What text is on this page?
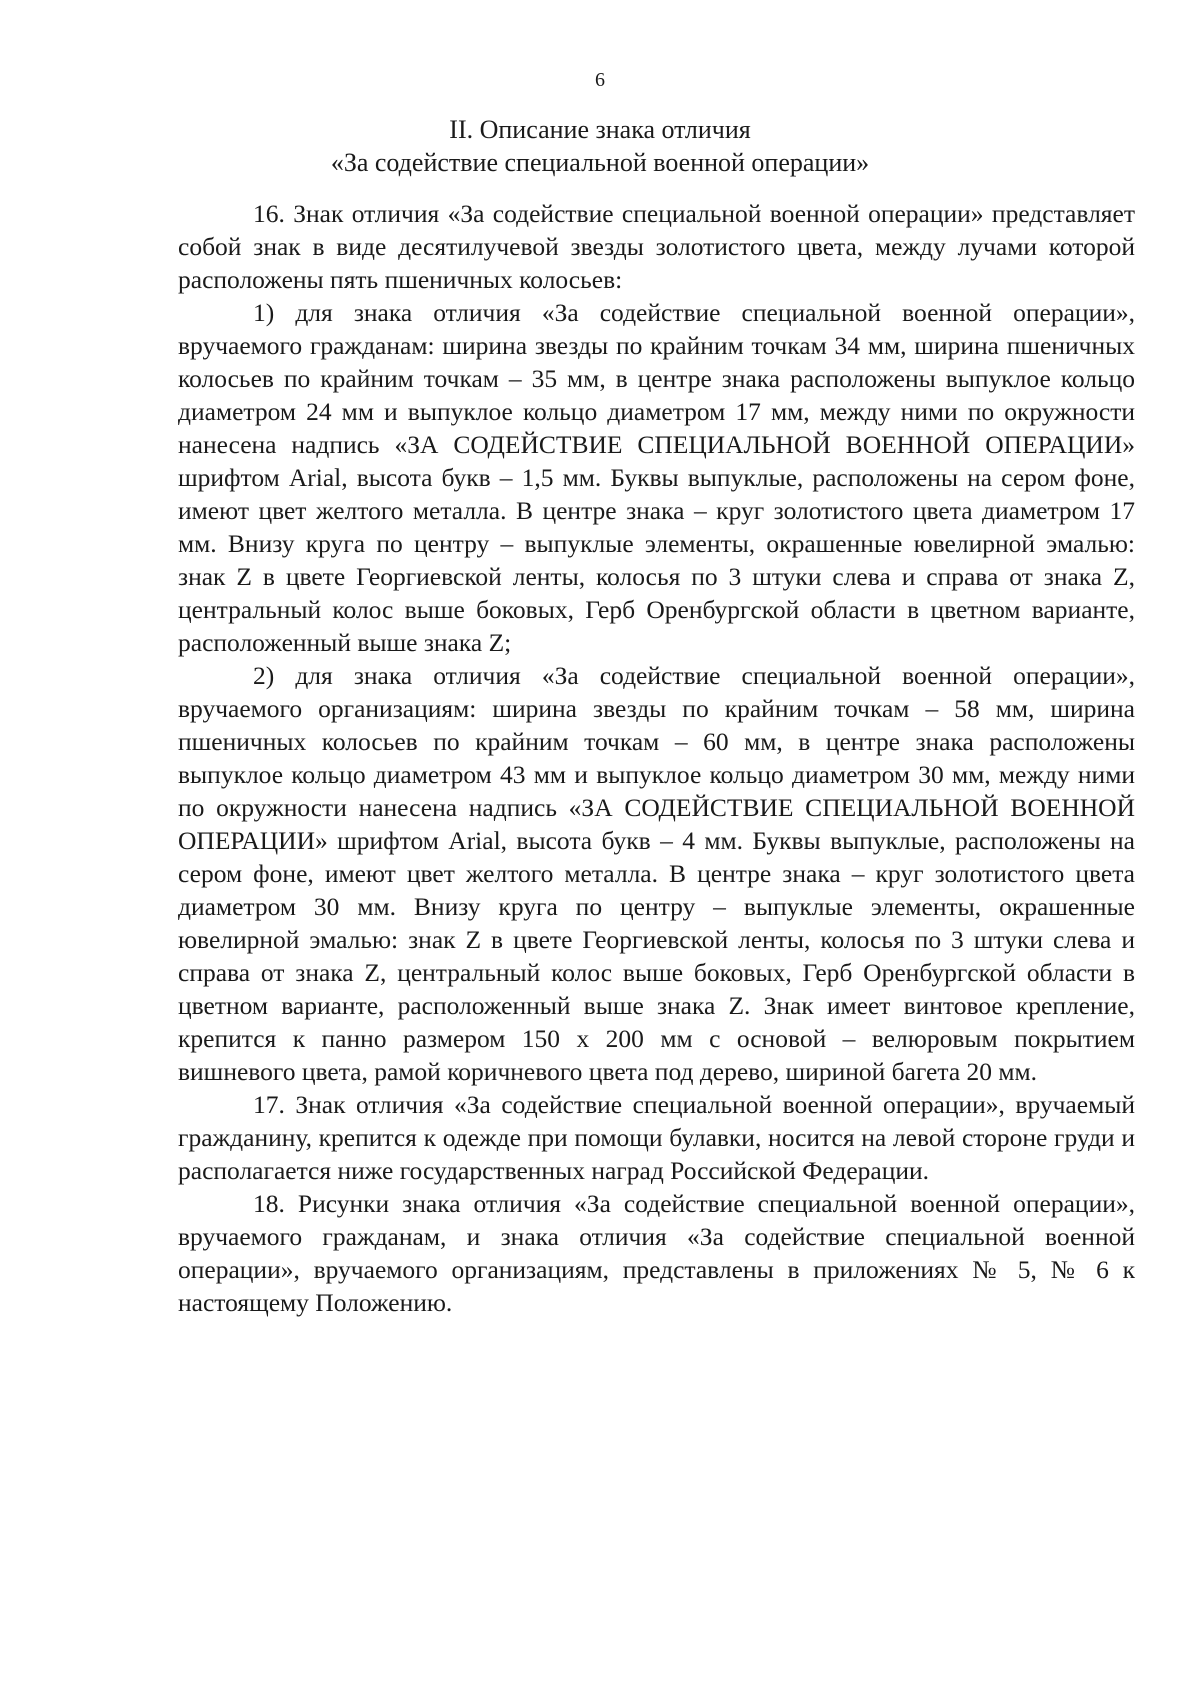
6
II. Описание знака отличия
«За содействие специальной военной операции»

16. Знак отличия «За содействие специальной военной операции» представляет собой знак в виде десятилучевой звезды золотистого цвета, между лучами которой расположены пять пшеничных колосьев:

1) для знака отличия «За содействие специальной военной операции», вручаемого гражданам: ширина звезды по крайним точкам 34 мм, ширина пшеничных колосьев по крайним точкам – 35 мм, в центре знака расположены выпуклое кольцо диаметром 24 мм и выпуклое кольцо диаметром 17 мм, между ними по окружности нанесена надпись «ЗА СОДЕЙСТВИЕ СПЕЦИАЛЬНОЙ ВОЕННОЙ ОПЕРАЦИИ» шрифтом Arial, высота букв – 1,5 мм. Буквы выпуклые, расположены на сером фоне, имеют цвет желтого металла. В центре знака – круг золотистого цвета диаметром 17 мм. Внизу круга по центру – выпуклые элементы, окрашенные ювелирной эмалью: знак Z в цвете Георгиевской ленты, колосья по 3 штуки слева и справа от знака Z, центральный колос выше боковых, Герб Оренбургской области в цветном варианте, расположенный выше знака Z;

2) для знака отличия «За содействие специальной военной операции», вручаемого организациям: ширина звезды по крайним точкам – 58 мм, ширина пшеничных колосьев по крайним точкам – 60 мм, в центре знака расположены выпуклое кольцо диаметром 43 мм и выпуклое кольцо диаметром 30 мм, между ними по окружности нанесена надпись «ЗА СОДЕЙСТВИЕ СПЕЦИАЛЬНОЙ ВОЕННОЙ ОПЕРАЦИИ» шрифтом Arial, высота букв – 4 мм. Буквы выпуклые, расположены на сером фоне, имеют цвет желтого металла. В центре знака – круг золотистого цвета диаметром 30 мм. Внизу круга по центру – выпуклые элементы, окрашенные ювелирной эмалью: знак Z в цвете Георгиевской ленты, колосья по 3 штуки слева и справа от знака Z, центральный колос выше боковых, Герб Оренбургской области в цветном варианте, расположенный выше знака Z. Знак имеет винтовое крепление, крепится к панно размером 150 х 200 мм с основой – велюровым покрытием вишневого цвета, рамой коричневого цвета под дерево, шириной багета 20 мм.

17. Знак отличия «За содействие специальной военной операции», вручаемый гражданину, крепится к одежде при помощи булавки, носится на левой стороне груди и располагается ниже государственных наград Российской Федерации.

18. Рисунки знака отличия «За содействие специальной военной операции», вручаемого гражданам, и знака отличия «За содействие специальной военной операции», вручаемого организациям, представлены в приложениях № 5, № 6 к настоящему Положению.
